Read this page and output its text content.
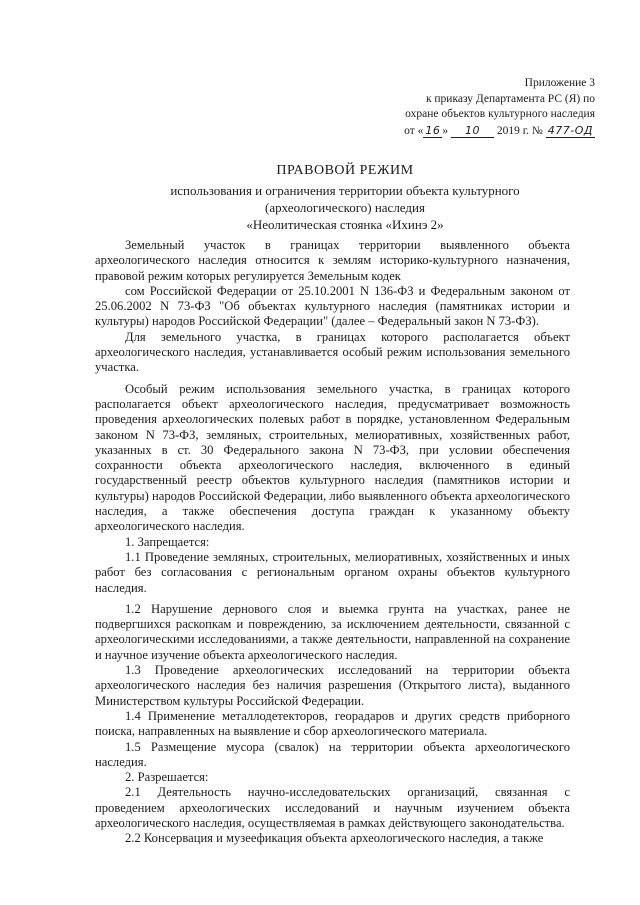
Приложение 3
к приказу Департамента РС (Я) по
охране объектов культурного наследия
от « 16 » 10 2019 г. № 477-ОД
ПРАВОВОЙ РЕЖИМ
использования и ограничения территории объекта культурного
(археологического) наследия
«Неолитическая стоянка «Ихинэ 2»

Земельный участок в границах территории выявленного объекта археологического наследия относится к землям историко-культурного назначения, правовой режим которых регулируется Земельным кодек

сом Российской Федерации от 25.10.2001 N 136-ФЗ и Федеральным законом от 25.06.2002 N 73-ФЗ "Об объектах культурного наследия (памятниках истории и культуры) народов Российской Федерации" (далее – Федеральный закон N 73-ФЗ).

Для земельного участка, в границах которого располагается объект археологического наследия, устанавливается особый режим использования земельного участка.

Особый режим использования земельного участка, в границах которого располагается объект археологического наследия, предусматривает возможность проведения археологических полевых работ в порядке, установленном Федеральным законом N 73-ФЗ, земляных, строительных, мелиоративных, хозяйственных работ, указанных в ст. 30 Федерального закона N 73-ФЗ, при условии обеспечения сохранности объекта археологического наследия, включенного в единый государственный реестр объектов культурного наследия (памятников истории и культуры) народов Российской Федерации, либо выявленного объекта археологического наследия, а также обеспечения доступа граждан к указанному объекту археологического наследия.

1. Запрещается:

1.1 Проведение земляных, строительных, мелиоративных, хозяйственных и иных работ без согласования с региональным органом охраны объектов культурного наследия.

1.2 Нарушение дернового слоя и выемка грунта на участках, ранее не подвергшихся раскопкам и повреждению, за исключением деятельности, связанной с археологическими исследованиями, а также деятельности, направленной на сохранение и научное изучение объекта археологического наследия.

1.3 Проведение археологических исследований на территории объекта археологического наследия без наличия разрешения (Открытого листа), выданного Министерством культуры Российской Федерации.

1.4 Применение металлодетекторов, георадаров и других средств приборного поиска, направленных на выявление и сбор археологического материала.

1.5 Размещение мусора (свалок) на территории объекта археологического наследия.

2. Разрешается:

2.1 Деятельность научно-исследовательских организаций, связанная с проведением археологических исследований и научным изучением объекта археологического наследия, осуществляемая в рамках действующего законодательства.

2.2 Консервация и музеефикация объекта археологического наследия, а также
